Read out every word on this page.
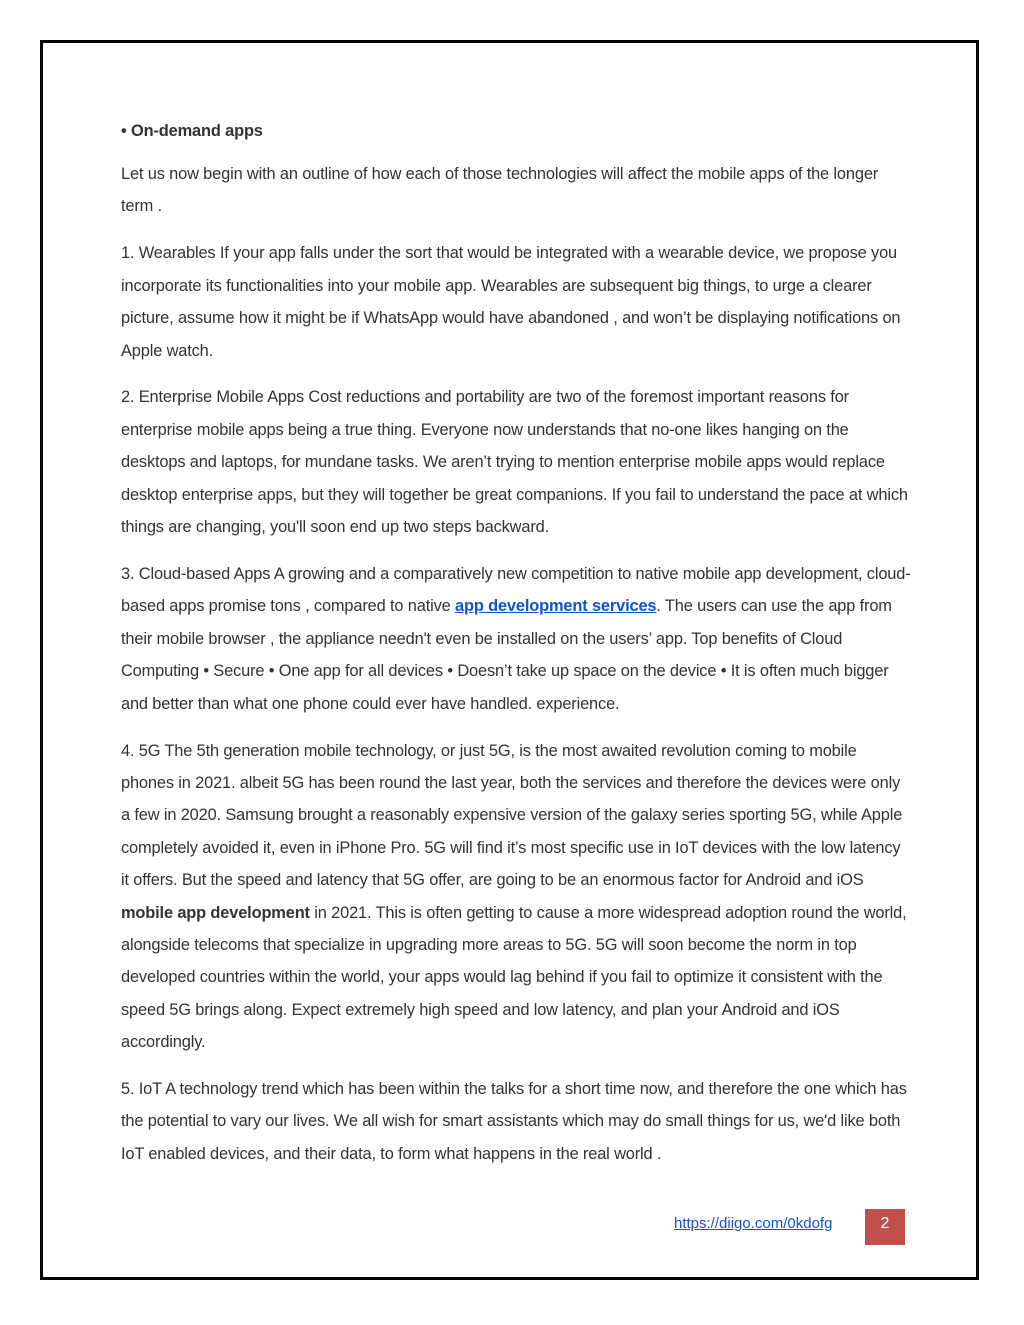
• On-demand apps

Let us now begin with an outline of how each of those technologies will affect the mobile apps of the longer term .

1. Wearables If your app falls under the sort that would be integrated with a wearable device, we propose you incorporate its functionalities into your mobile app. Wearables are subsequent big things, to urge a clearer picture, assume how it might be if WhatsApp would have abandoned , and won’t be displaying notifications on Apple watch.

2. Enterprise Mobile Apps Cost reductions and portability are two of the foremost important reasons for enterprise mobile apps being a true thing. Everyone now understands that no-one likes hanging on the desktops and laptops, for mundane tasks. We aren’t trying to mention enterprise mobile apps would replace desktop enterprise apps, but they will together be great companions. If you fail to understand the pace at which things are changing, you'll soon end up two steps backward.

3. Cloud-based Apps A growing and a comparatively new competition to native mobile app development, cloud-based apps promise tons , compared to native app development services. The users can use the app from their mobile browser , the appliance needn't even be installed on the users’ app. Top benefits of Cloud Computing • Secure • One app for all devices • Doesn’t take up space on the device • It is often much bigger and better than what one phone could ever have handled. experience.

4. 5G The 5th generation mobile technology, or just 5G, is the most awaited revolution coming to mobile phones in 2021. albeit 5G has been round the last year, both the services and therefore the devices were only a few in 2020. Samsung brought a reasonably expensive version of the galaxy series sporting 5G, while Apple completely avoided it, even in iPhone Pro. 5G will find it’s most specific use in IoT devices with the low latency it offers. But the speed and latency that 5G offer, are going to be an enormous factor for Android and iOS mobile app development in 2021. This is often getting to cause a more widespread adoption round the world, alongside telecoms that specialize in upgrading more areas to 5G. 5G will soon become the norm in top developed countries within the world, your apps would lag behind if you fail to optimize it consistent with the speed 5G brings along. Expect extremely high speed and low latency, and plan your Android and iOS accordingly.

5. IoT A technology trend which has been within the talks for a short time now, and therefore the one which has the potential to vary our lives. We all wish for smart assistants which may do small things for us, we'd like both IoT enabled devices, and their data, to form what happens in the real world .

https://diigo.com/0kdofg	2
